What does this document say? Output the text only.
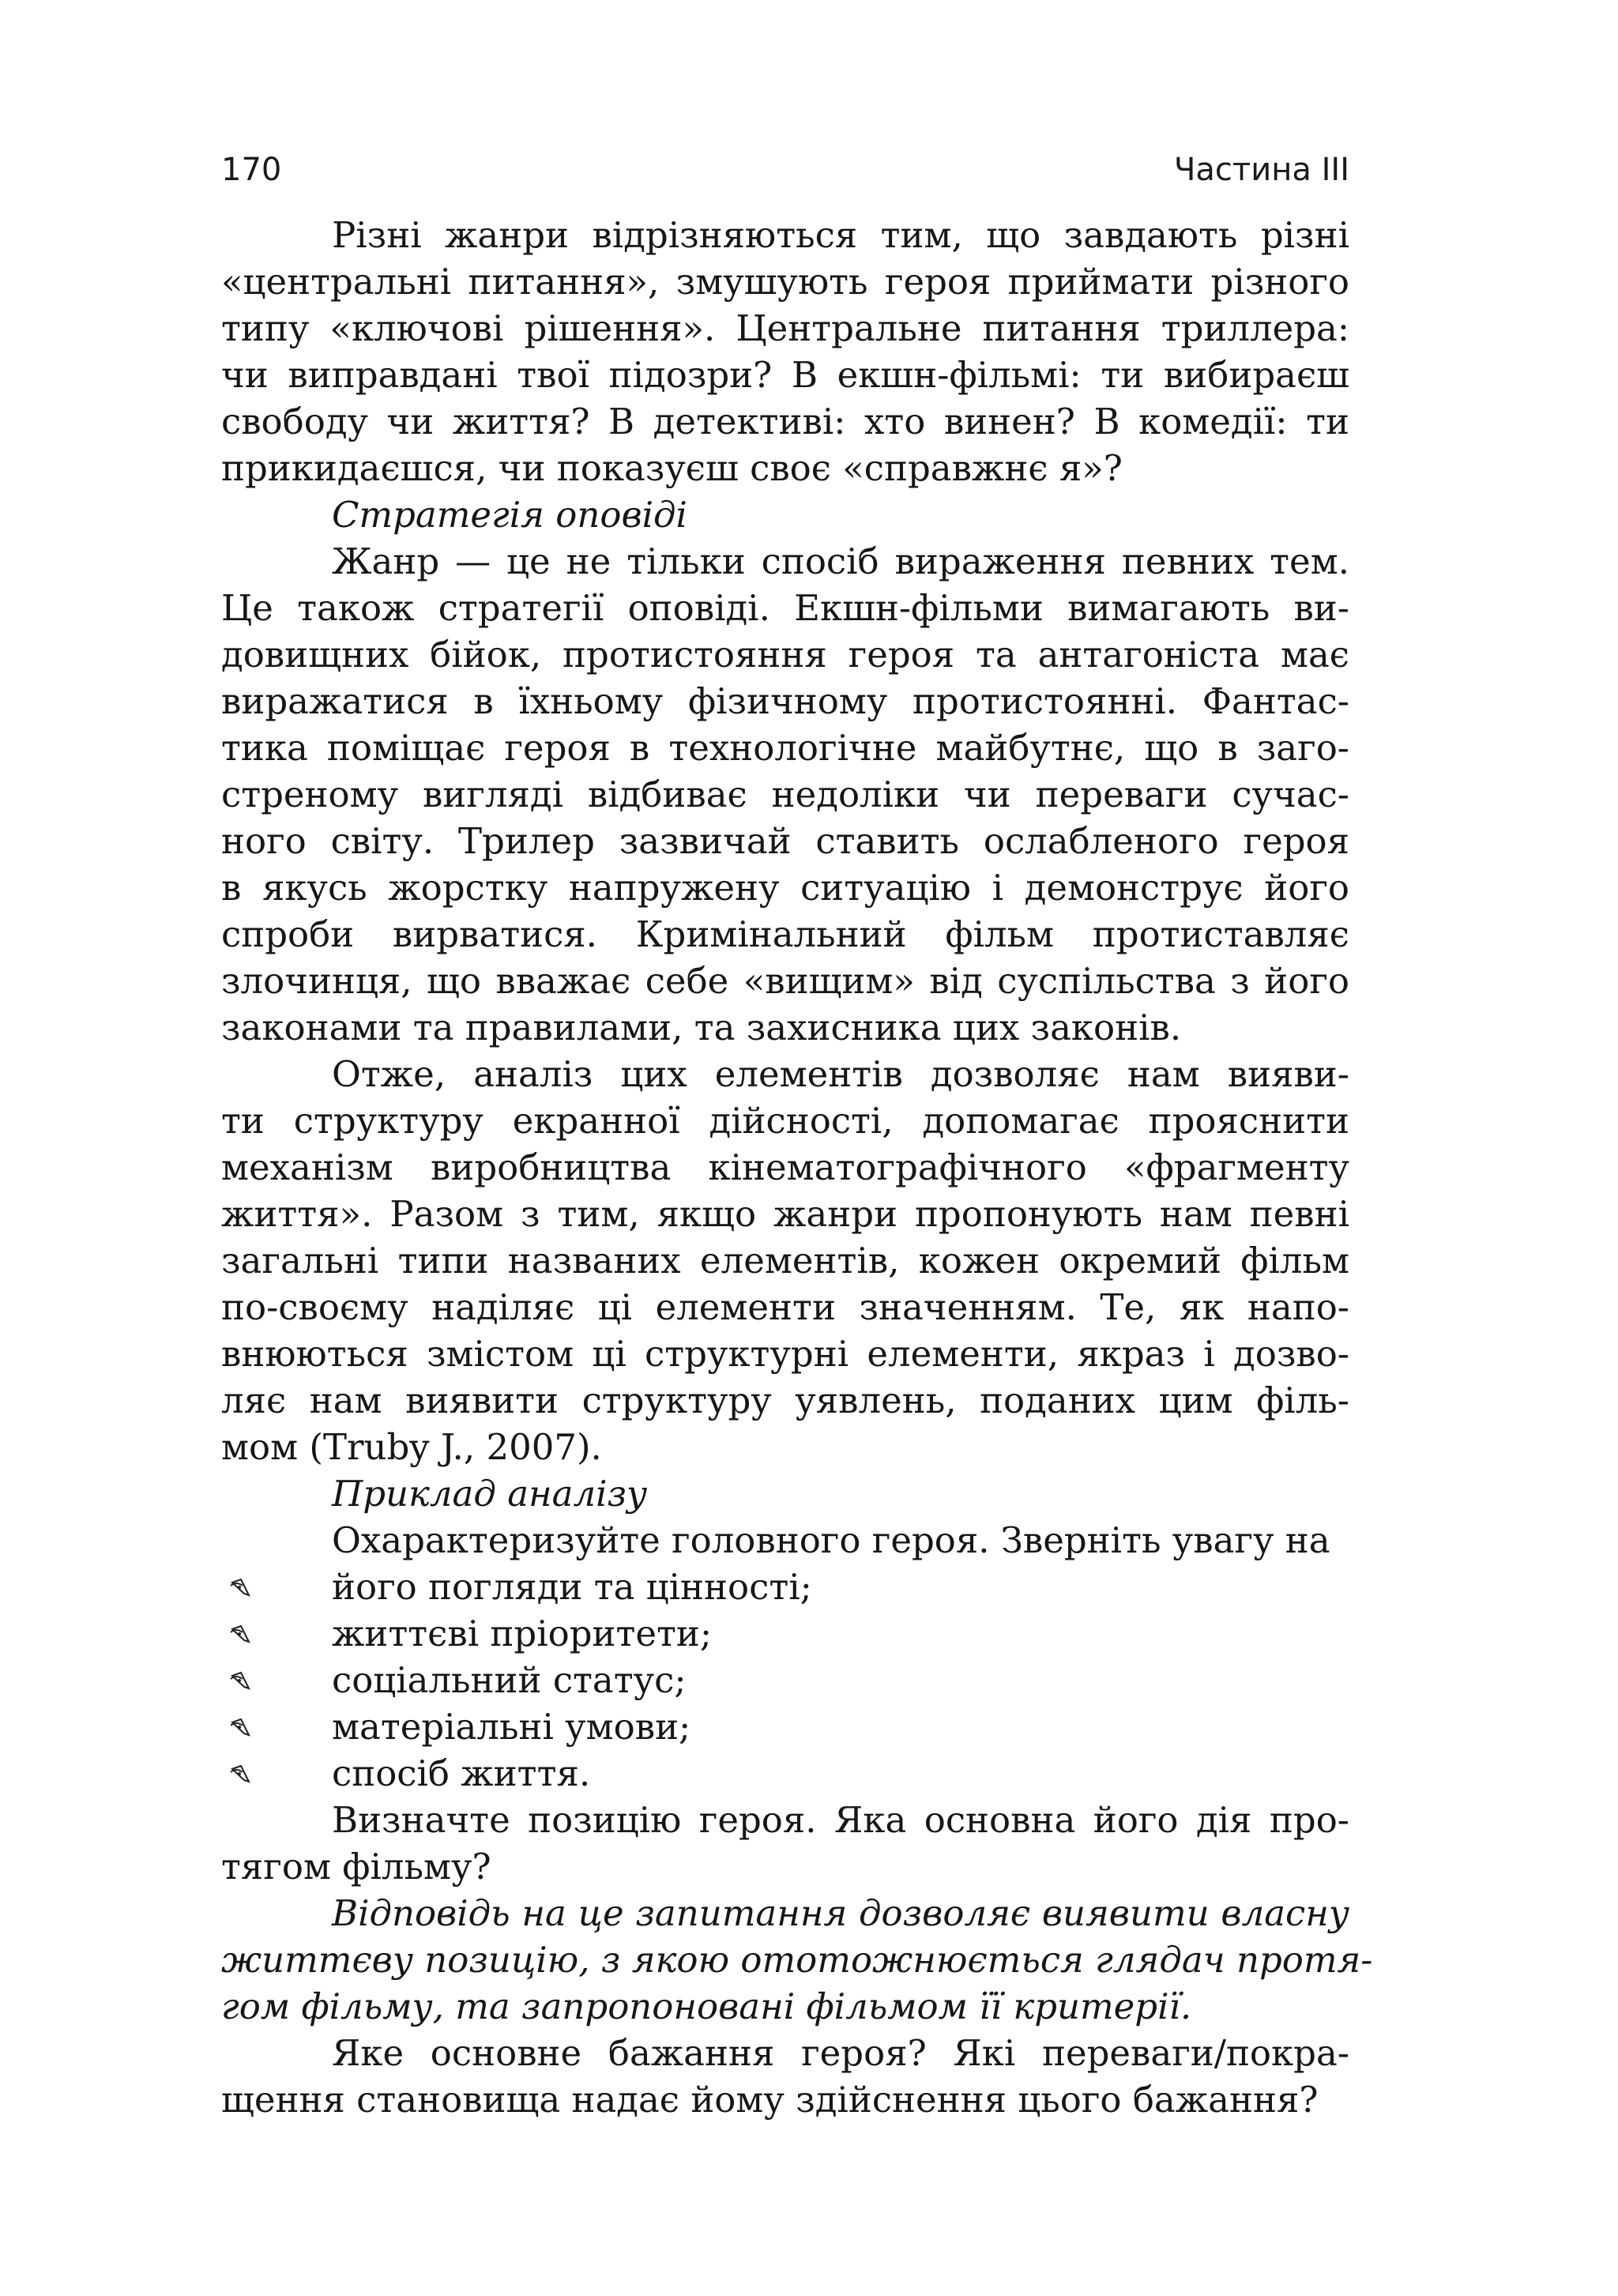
170	Частина III
Різні жанри відрізняються тим, що завдають різні
«центральні питання», змушують героя приймати різного
типу «ключові рішення». Центральне питання триллера:
чи виправдані твої підозри? В екшн-фільмі: ти вибираєш
свободу чи життя? В детективі: хто винен? В комедії: ти
прикидаєшся, чи показуєш своє «справжнє я»?
Стратегія оповіді
Жанр — це не тільки спосіб вираження певних тем.
Це також стратегії оповіді. Екшн-фільми вимагають ви-
довищних бійок, протистояння героя та антагоніста має
виражатися в їхньому фізичному протистоянні. Фантас-
тика поміщає героя в технологічне майбутнє, що в заго-
стреному вигляді відбиває недоліки чи переваги сучас-
ного світу. Трилер зазвичай ставить ослабленого героя
в якусь жорстку напружену ситуацію і демонструє його
спроби вирватися. Кримінальний фільм протиставляє
злочинця, що вважає себе «вищим» від суспільства з його
законами та правилами, та захисника цих законів.
Отже, аналіз цих елементів дозволяє нам вияви-
ти структуру екранної дійсності, допомагає прояснити
механізм виробництва кінематографічного «фрагменту
життя». Разом з тим, якщо жанри пропонують нам певні
загальні типи названих елементів, кожен окремий фільм
по-своєму наділяє ці елементи значенням. Те, як напо-
внюються змістом ці структурні елементи, якраз і дозво-
ляє нам виявити структуру уявлень, поданих цим філь-
мом (Truby J., 2007).
Приклад аналізу
Охарактеризуйте головного героя. Зверніть увагу на
його погляди та цінності;
життєві пріоритети;
соціальний статус;
матеріальні умови;
спосіб життя.
Визначте позицію героя. Яка основна його дія про-
тягом фільму?
Відповідь на це запитання дозволяє виявити власну
життєву позицію, з якою ототожнюється глядач протя-
гом фільму, та запропоновані фільмом її критерії.
Яке основне бажання героя? Які переваги/покра-
щення становища надає йому здійснення цього бажання?
